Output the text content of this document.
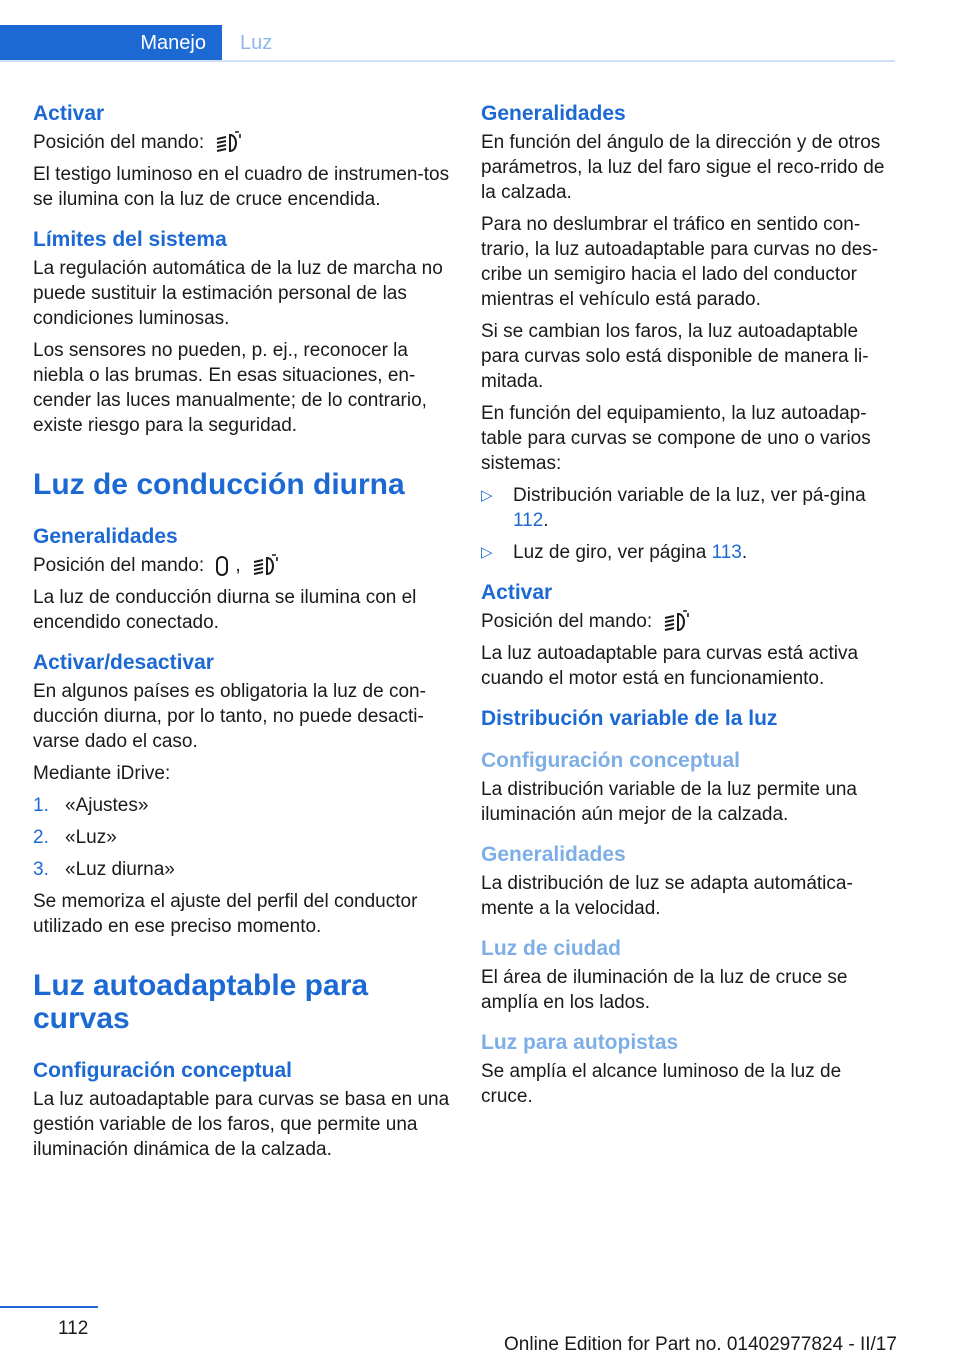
Manejo Luz
Activar

Posición del mando:

El testigo luminoso en el cuadro de instrumen-tos se ilumina con la luz de cruce encendida.

Límites del sistema

La regulación automática de la luz de marcha no puede sustituir la estimación personal de las condiciones luminosas.

Los sensores no pueden, p. ej., reconocer la niebla o las brumas. En esas situaciones, en-cender las luces manualmente; de lo contrario, existe riesgo para la seguridad.

Luz de conducción diurna
Generalidades

Posición del mando: ,

La luz de conducción diurna se ilumina con el encendido conectado.

Activar/desactivar

En algunos países es obligatoria la luz de con-ducción diurna, por lo tanto, no puede desacti-varse dado el caso.

Mediante iDrive:

1. «Ajustes»
2. «Luz»
3. «Luz diurna»

Se memoriza el ajuste del perfil del conductor utilizado en ese preciso momento.

Luz autoadaptable para curvas
Configuración conceptual

La luz autoadaptable para curvas se basa en una gestión variable de los faros, que permite una iluminación dinámica de la calzada.

Generalidades

En función del ángulo de la dirección y de otros parámetros, la luz del faro sigue el reco-rrido de la calzada.

Para no deslumbrar el tráfico en sentido con-trario, la luz autoadaptable para curvas no des-cribe un semigiro hacia el lado del conductor mientras el vehículo está parado.

Si se cambian los faros, la luz autoadaptable para curvas solo está disponible de manera li-mitada.

En función del equipamiento, la luz autoadap-table para curvas se compone de uno o varios sistemas:

▷	Distribución variable de la luz, ver pá-gina 112.
▷	Luz de giro, ver página 113.
Activar

Posición del mando:

La luz autoadaptable para curvas está activa cuando el motor está en funcionamiento.

Distribución variable de la luz
Configuración conceptual

La distribución variable de la luz permite una iluminación aún mejor de la calzada.

Generalidades

La distribución de luz se adapta automática-mente a la velocidad.

Luz de ciudad

El área de iluminación de la luz de cruce se amplía en los lados.

Luz para autopistas

Se amplía el alcance luminoso de la luz de cruce.

112
Online Edition for Part no. 01402977824 - II/17
